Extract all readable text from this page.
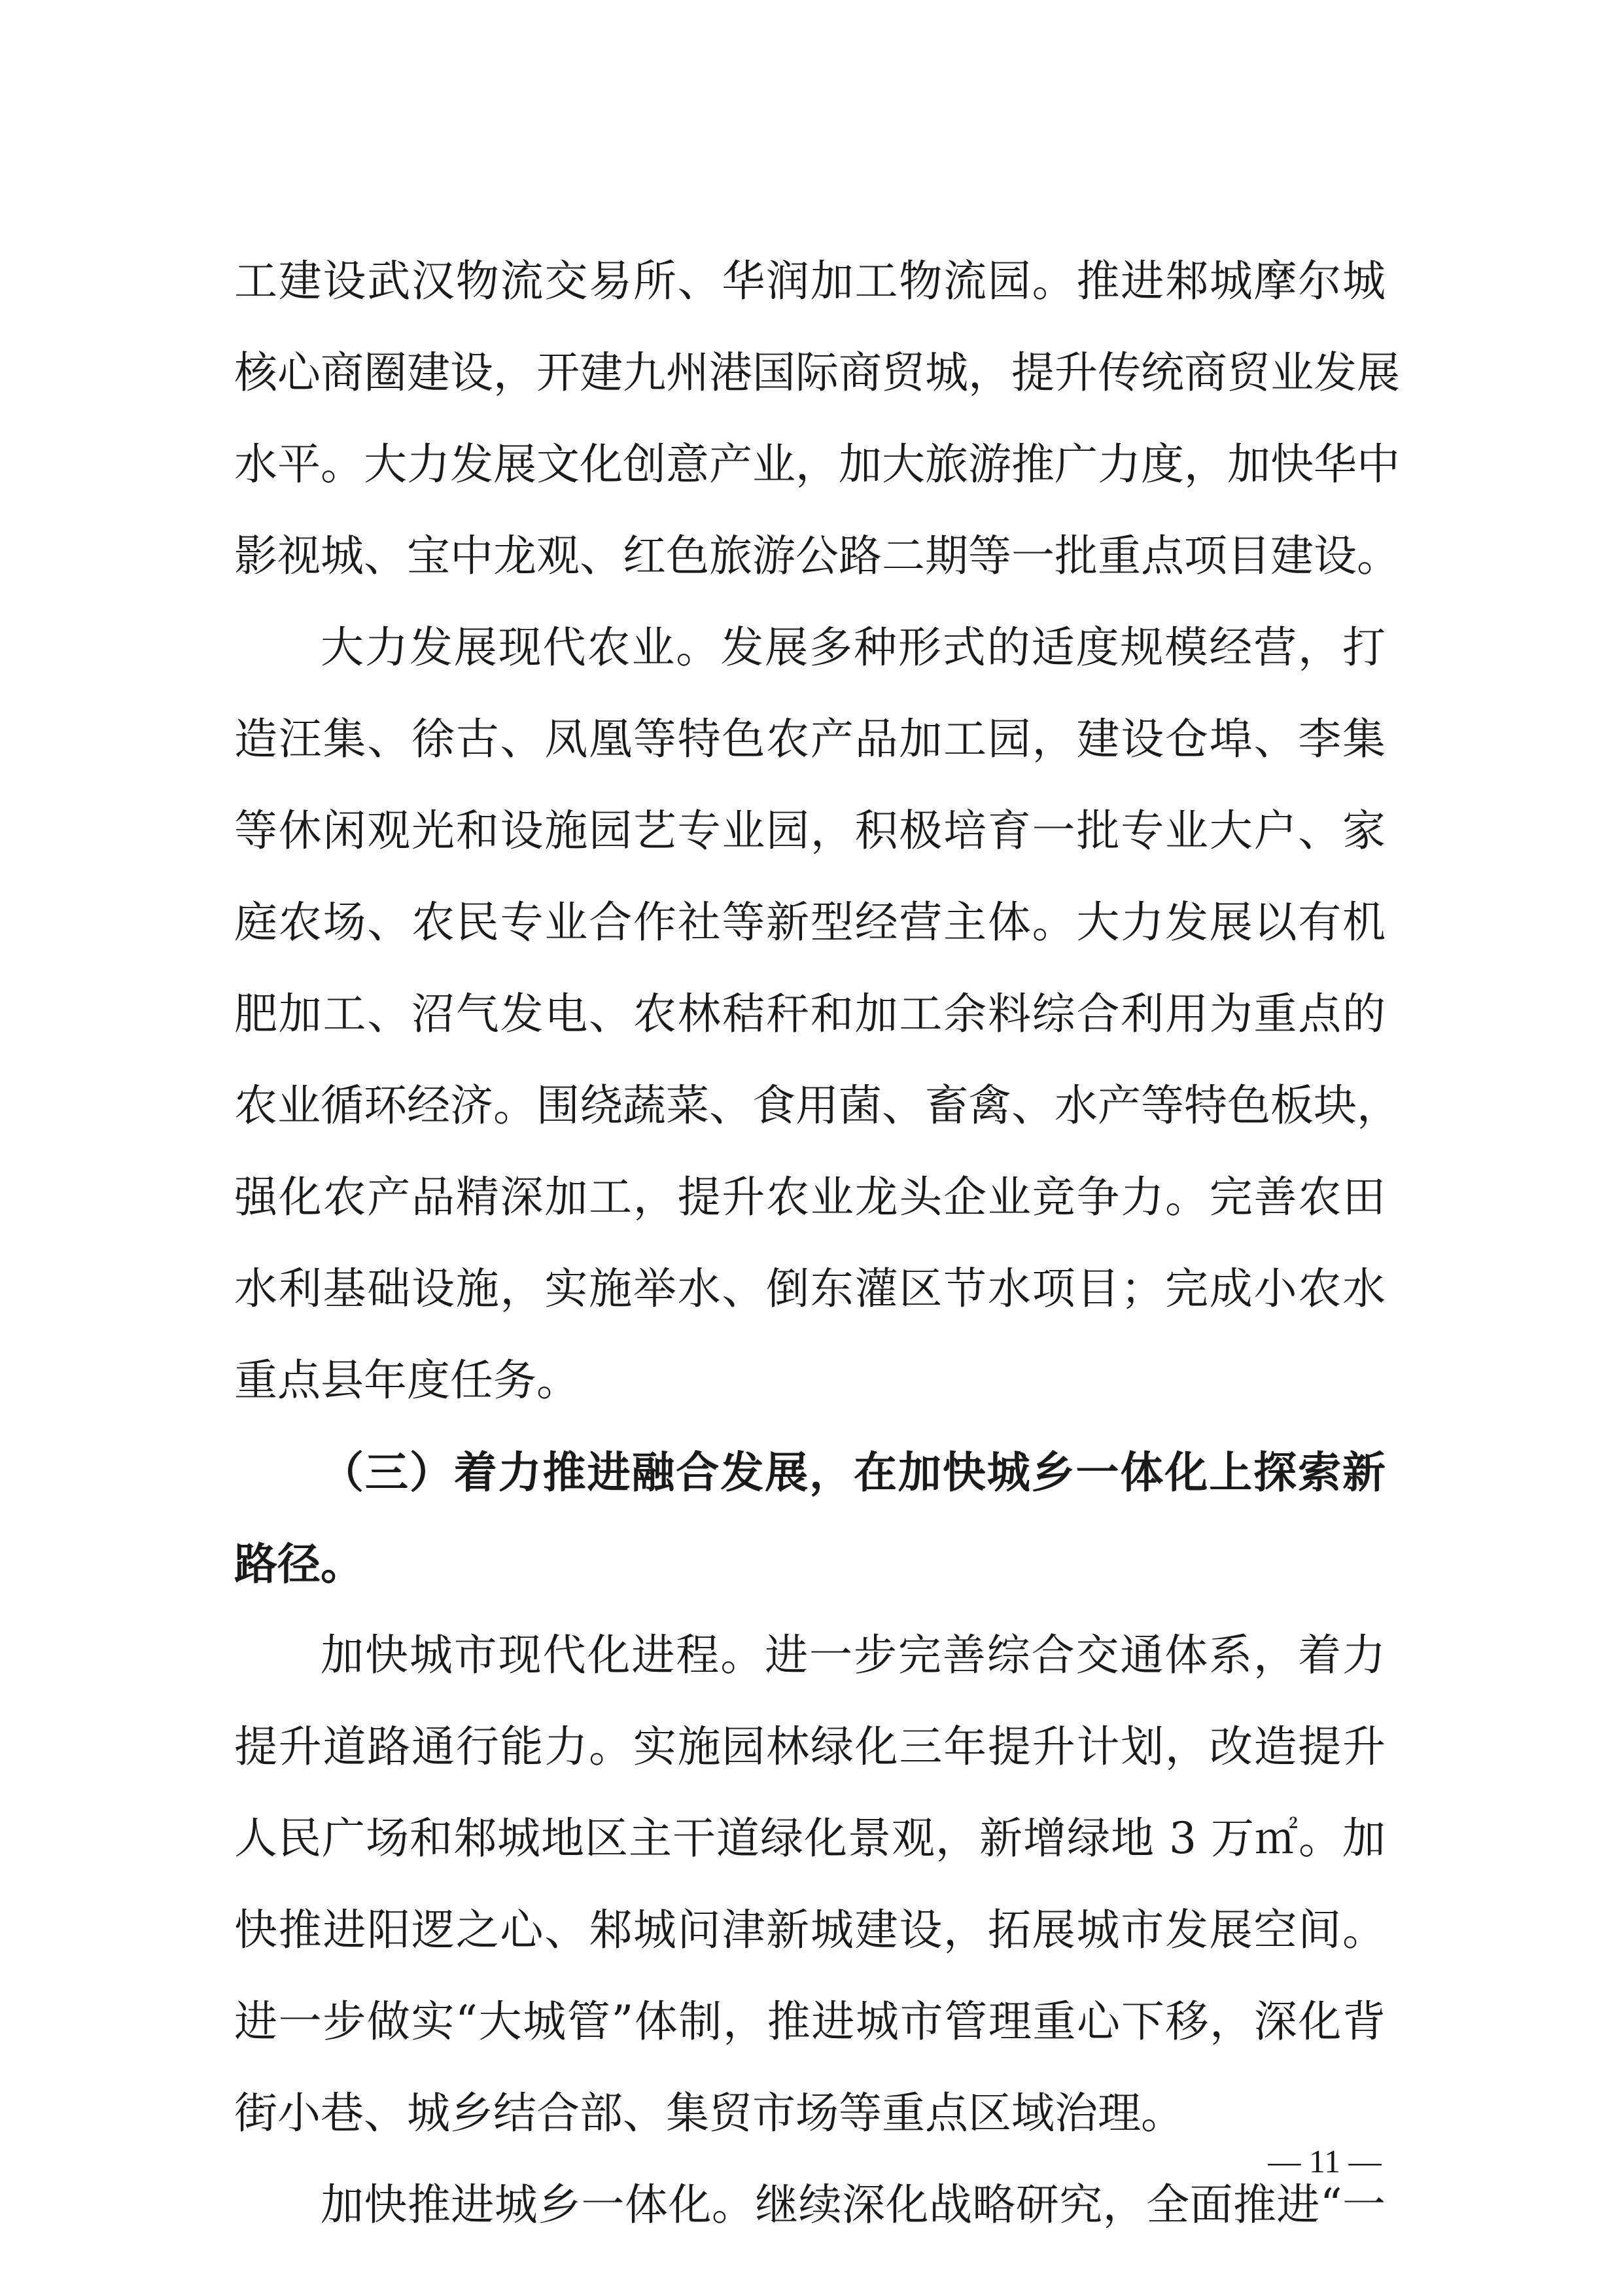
工建设武汉物流交易所、华润加工物流园。推进邾城摩尔城
核心商圈建设，开建九州港国际商贸城，提升传统商贸业发展
水平。大力发展文化创意产业，加大旅游推广力度，加快华中
影视城、宝中龙观、红色旅游公路二期等一批重点项目建设。
大力发展现代农业。发展多种形式的适度规模经营，打
造汪集、徐古、凤凰等特色农产品加工园，建设仓埠、李集
等休闲观光和设施园艺专业园，积极培育一批专业大户、家
庭农场、农民专业合作社等新型经营主体。大力发展以有机
肥加工、沼气发电、农林秸秆和加工余料综合利用为重点的
农业循环经济。围绕蔬菜、食用菌、畜禽、水产等特色板块，
强化农产品精深加工，提升农业龙头企业竞争力。完善农田
水利基础设施，实施举水、倒东灌区节水项目；完成小农水
重点县年度任务。
（三）着力推进融合发展，在加快城乡一体化上探索新
路径。
加快城市现代化进程。进一步完善综合交通体系，着力
提升道路通行能力。实施园林绿化三年提升计划，改造提升
人民广场和邾城地区主干道绿化景观，新增绿地 3 万㎡。加
快推进阳逻之心、邾城问津新城建设，拓展城市发展空间。
进一步做实“大城管”体制，推进城市管理重心下移，深化背
街小巷、城乡结合部、集贸市场等重点区域治理。
加快推进城乡一体化。继续深化战略研究，全面推进“一
— 11 —
